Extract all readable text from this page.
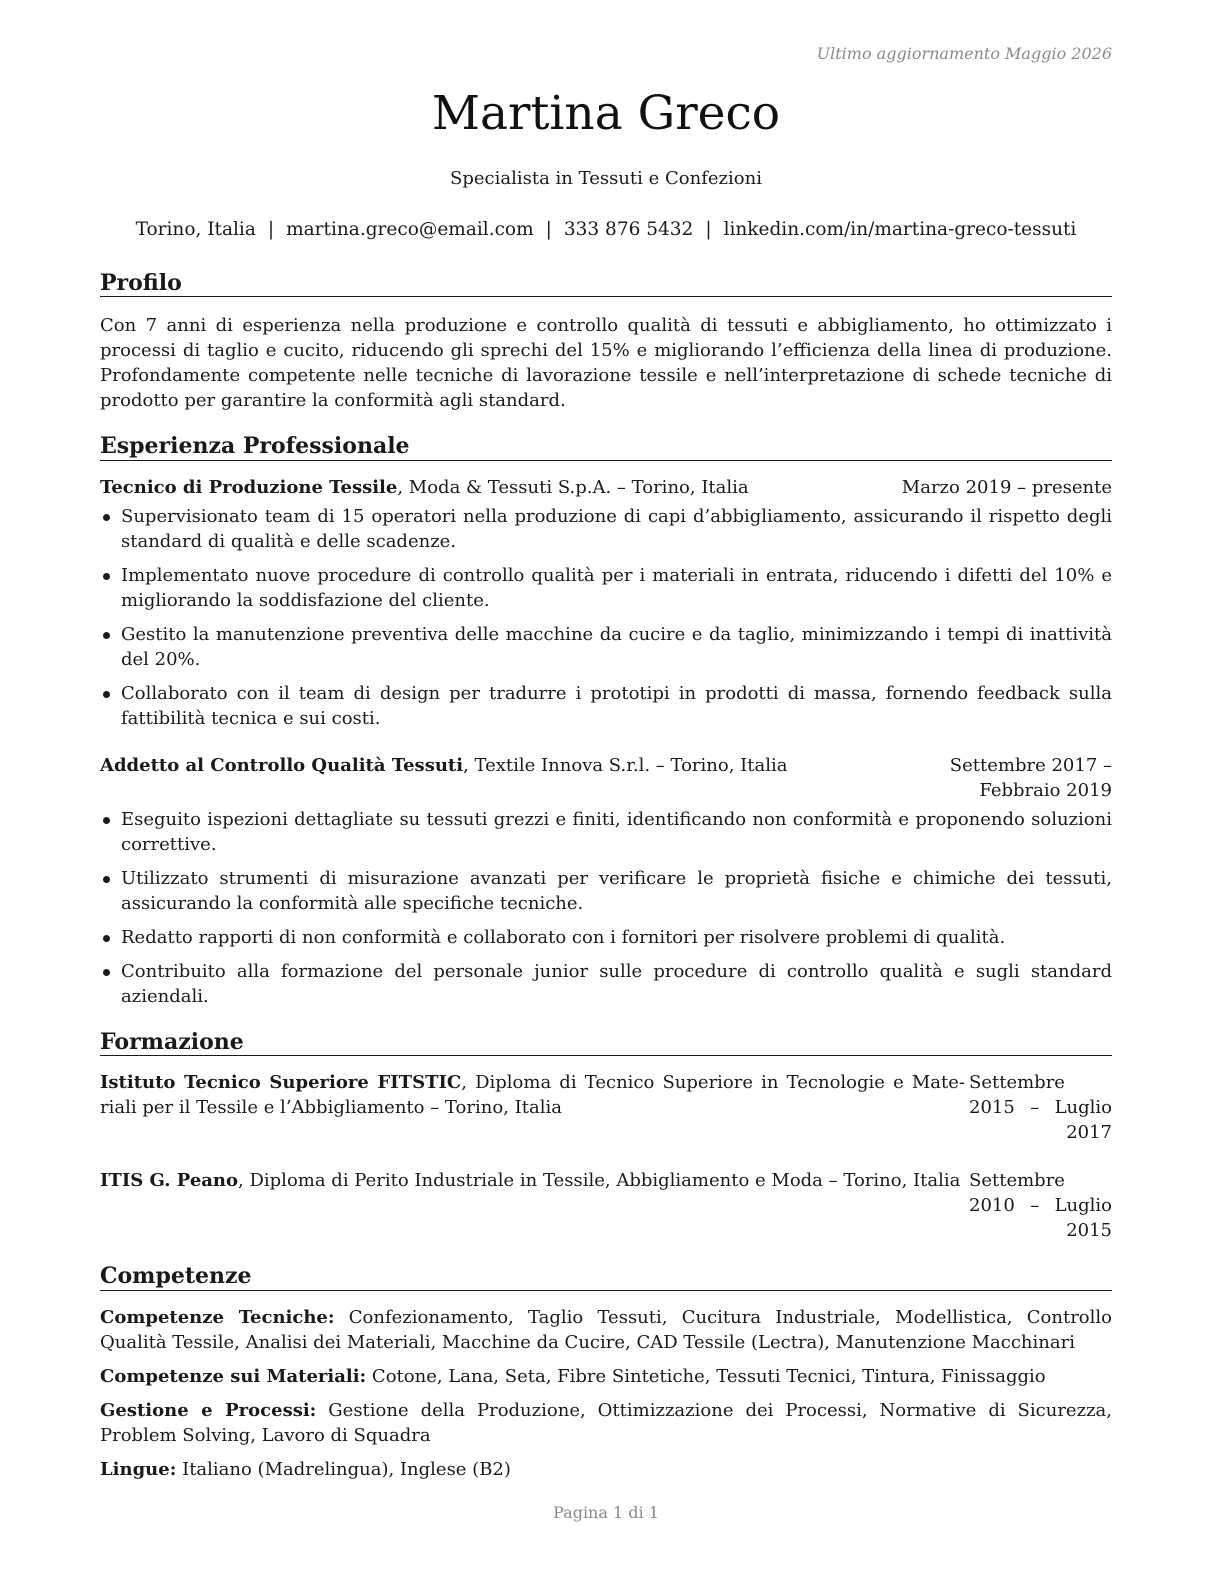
Ultimo aggiornamento Maggio 2026
Martina Greco
Specialista in Tessuti e Confezioni
Torino, Italia | martina.greco@email.com | 333 876 5432 | linkedin.com/in/martina-greco-tessuti
Profilo
Con 7 anni di esperienza nella produzione e controllo qualità di tessuti e abbigliamento, ho ottimizzato i processi di taglio e cucito, riducendo gli sprechi del 15% e migliorando l’efficienza della linea di produzione. Profondamente competente nelle tecniche di lavorazione tessile e nell’interpretazione di schede tecniche di prodotto per garantire la conformità agli standard.
Esperienza Professionale
Tecnico di Produzione Tessile, Moda & Tessuti S.p.A. – Torino, Italia	Marzo 2019 – presente
Supervisionato team di 15 operatori nella produzione di capi d’abbigliamento, assicurando il rispetto degli standard di qualità e delle scadenze.
Implementato nuove procedure di controllo qualità per i materiali in entrata, riducendo i difetti del 10% e migliorando la soddisfazione del cliente.
Gestito la manutenzione preventiva delle macchine da cucire e da taglio, minimizzando i tempi di inattività del 20%.
Collaborato con il team di design per tradurre i prototipi in prodotti di massa, fornendo feedback sulla fattibilità tecnica e sui costi.
Addetto al Controllo Qualità Tessuti, Textile Innova S.r.l. – Torino, Italia	Settembre 2017 – Febbraio 2019
Eseguito ispezioni dettagliate su tessuti grezzi e finiti, identificando non conformità e proponendo soluzioni correttive.
Utilizzato strumenti di misurazione avanzati per verificare le proprietà fisiche e chimiche dei tessuti, assicurando la conformità alle specifiche tecniche.
Redatto rapporti di non conformità e collaborato con i fornitori per risolvere problemi di qualità.
Contribuito alla formazione del personale junior sulle procedure di controllo qualità e sugli standard aziendali.
Formazione
Istituto Tecnico Superiore FITSTIC, Diploma di Tecnico Superiore in Tecnologie e Materiali per il Tessile e l’Abbigliamento – Torino, Italia
Settembre 2015 – Luglio 2017
ITIS G. Peano, Diploma di Perito Industriale in Tessile, Abbigliamento e Moda – Torino, Italia Settembre 2010 – Luglio 2015
Competenze
Competenze Tecniche: Confezionamento, Taglio Tessuti, Cucitura Industriale, Modellistica, Controllo Qualità Tessile, Analisi dei Materiali, Macchine da Cucire, CAD Tessile (Lectra), Manutenzione Macchinari
Competenze sui Materiali: Cotone, Lana, Seta, Fibre Sintetiche, Tessuti Tecnici, Tintura, Finissaggio
Gestione e Processi: Gestione della Produzione, Ottimizzazione dei Processi, Normative di Sicurezza, Problem Solving, Lavoro di Squadra
Lingue: Italiano (Madrelingua), Inglese (B2)
Pagina 1 di 1
